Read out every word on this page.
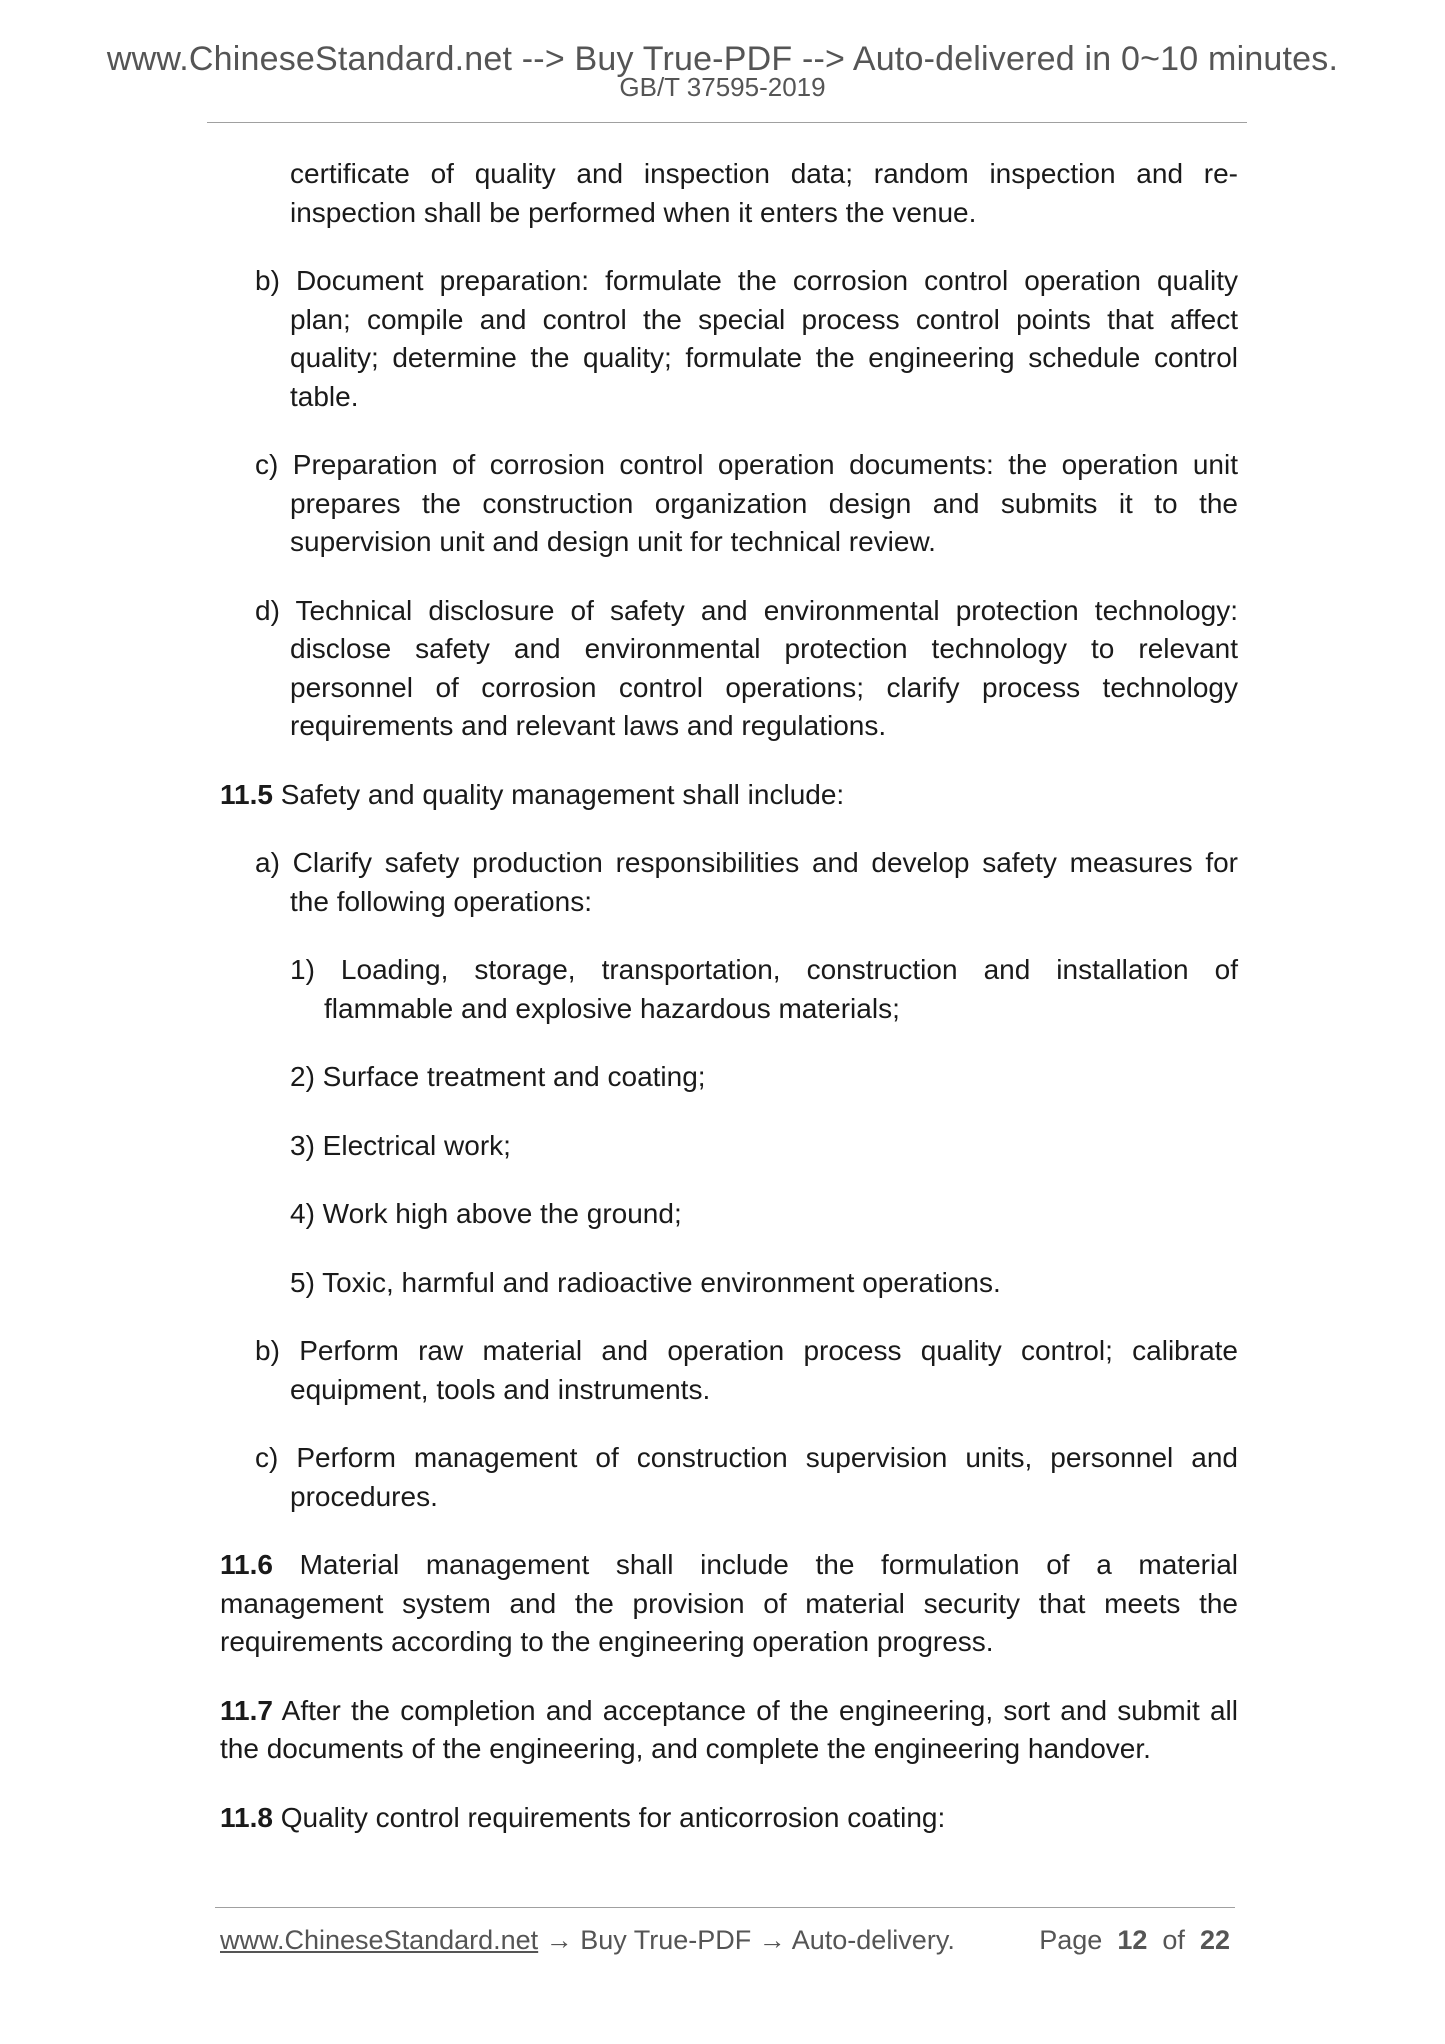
www.ChineseStandard.net --> Buy True-PDF --> Auto-delivered in 0~10 minutes.
GB/T 37595-2019

certificate of quality and inspection data; random inspection and re-inspection shall be performed when it enters the venue.

b) Document preparation: formulate the corrosion control operation quality plan; compile and control the special process control points that affect quality; determine the quality; formulate the engineering schedule control table.

c) Preparation of corrosion control operation documents: the operation unit prepares the construction organization design and submits it to the supervision unit and design unit for technical review.

d) Technical disclosure of safety and environmental protection technology: disclose safety and environmental protection technology to relevant personnel of corrosion control operations; clarify process technology requirements and relevant laws and regulations.

11.5 Safety and quality management shall include:

a) Clarify safety production responsibilities and develop safety measures for the following operations:

1) Loading, storage, transportation, construction and installation of flammable and explosive hazardous materials;

2) Surface treatment and coating;

3) Electrical work;

4) Work high above the ground;

5) Toxic, harmful and radioactive environment operations.

b) Perform raw material and operation process quality control; calibrate equipment, tools and instruments.

c) Perform management of construction supervision units, personnel and procedures.

11.6 Material management shall include the formulation of a material management system and the provision of material security that meets the requirements according to the engineering operation progress.

11.7 After the completion and acceptance of the engineering, sort and submit all the documents of the engineering, and complete the engineering handover.

11.8 Quality control requirements for anticorrosion coating:

www.ChineseStandard.net → Buy True-PDF → Auto-delivery.	Page 12 of 22
